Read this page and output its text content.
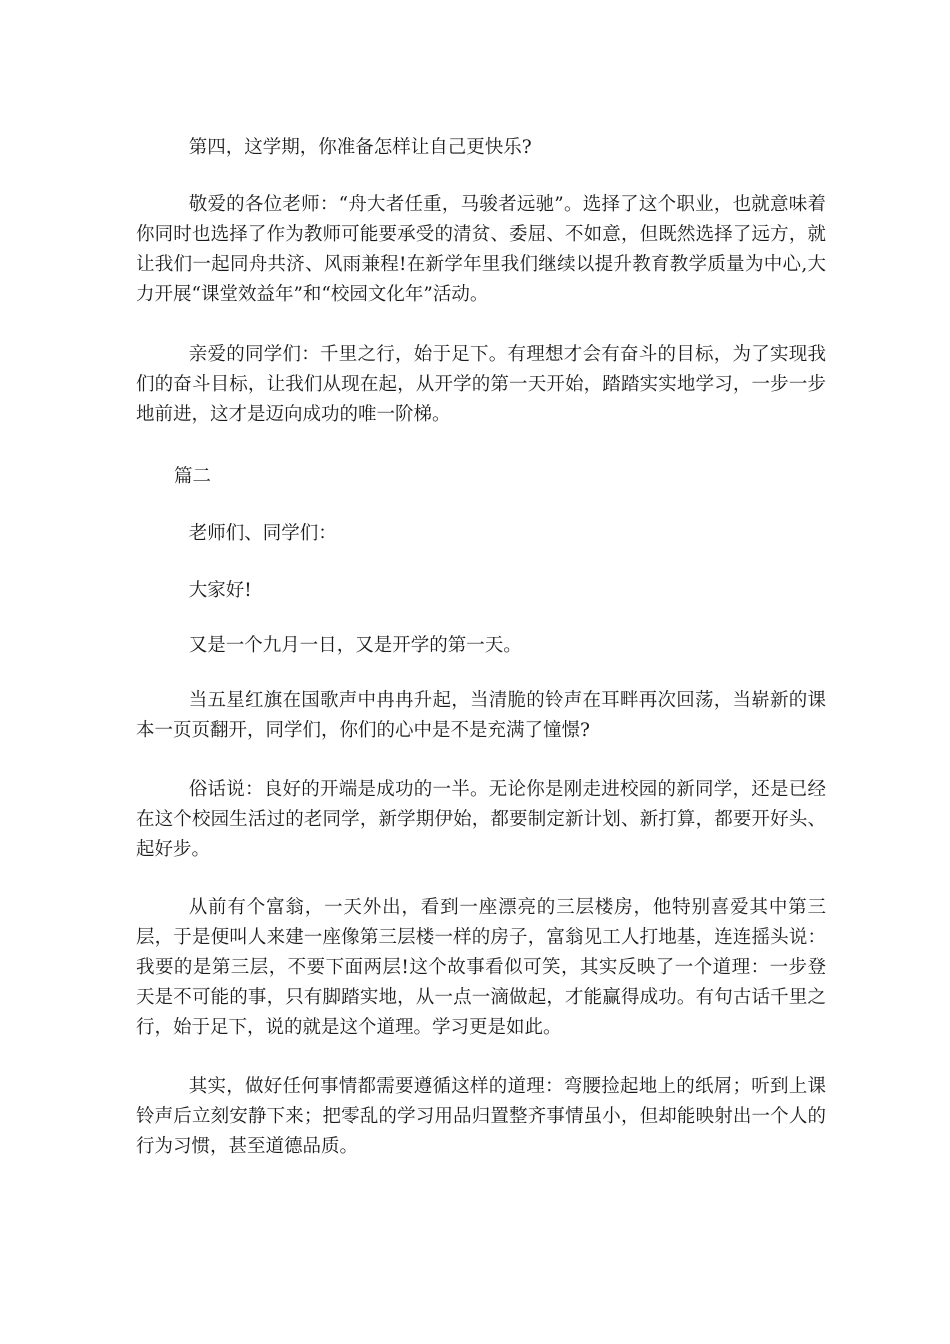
第四，这学期，你准备怎样让自己更快乐?

敬爱的各位老师：“舟大者任重，马骏者远驰”。选择了这个职业，也就意味着你同时也选择了作为教师可能要承受的清贫、委屈、不如意，但既然选择了远方，就让我们一起同舟共济、风雨兼程!在新学年里我们继续以提升教育教学质量为中心,大力开展“课堂效益年”和“校园文化年”活动。

亲爱的同学们：千里之行，始于足下。有理想才会有奋斗的目标，为了实现我们的奋斗目标，让我们从现在起，从开学的第一天开始，踏踏实实地学习，一步一步地前进，这才是迈向成功的唯一阶梯。

篇二

老师们、同学们：

大家好!

又是一个九月一日，又是开学的第一天。

当五星红旗在国歌声中冉冉升起，当清脆的铃声在耳畔再次回荡，当崭新的课本一页页翻开，同学们，你们的心中是不是充满了憧憬?

俗话说：良好的开端是成功的一半。无论你是刚走进校园的新同学，还是已经在这个校园生活过的老同学，新学期伊始，都要制定新计划、新打算，都要开好头、起好步。

从前有个富翁，一天外出，看到一座漂亮的三层楼房，他特别喜爱其中第三层，于是便叫人来建一座像第三层楼一样的房子，富翁见工人打地基，连连摇头说：我要的是第三层，不要下面两层!这个故事看似可笑，其实反映了一个道理：一步登天是不可能的事，只有脚踏实地，从一点一滴做起，才能赢得成功。有句古话千里之行，始于足下，说的就是这个道理。学习更是如此。

其实，做好任何事情都需要遵循这样的道理：弯腰捡起地上的纸屑；听到上课铃声后立刻安静下来；把零乱的学习用品归置整齐事情虽小，但却能映射出一个人的行为习惯，甚至道德品质。
